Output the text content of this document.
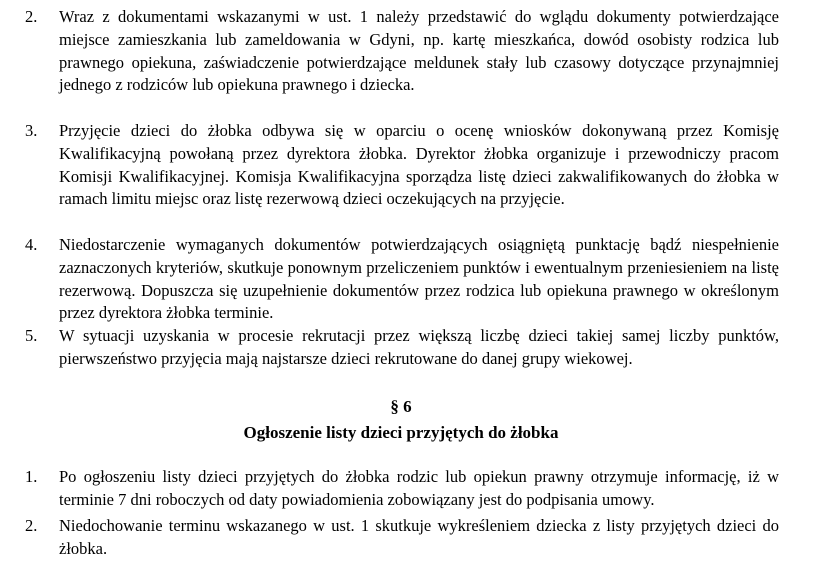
2. Wraz z dokumentami wskazanymi w ust. 1 należy przedstawić do wglądu dokumenty potwierdzające miejsce zamieszkania lub zameldowania w Gdyni, np. kartę mieszkańca, dowód osobisty rodzica lub prawnego opiekuna, zaświadczenie potwierdzające meldunek stały lub czasowy dotyczące przynajmniej jednego z rodziców lub opiekuna prawnego i dziecka.
3. Przyjęcie dzieci do żłobka odbywa się w oparciu o ocenę wniosków dokonywaną przez Komisję Kwalifikacyjną powołaną przez dyrektora żłobka. Dyrektor żłobka organizuje i przewodniczy pracom Komisji Kwalifikacyjnej. Komisja Kwalifikacyjna sporządza listę dzieci zakwalifikowanych do żłobka w ramach limitu miejsc oraz listę rezerwową dzieci oczekujących na przyjęcie.
4. Niedostarczenie wymaganych dokumentów potwierdzających osiągniętą punktację bądź niespełnienie zaznaczonych kryteriów, skutkuje ponownym przeliczeniem punktów i ewentualnym przeniesieniem na listę rezerwową. Dopuszcza się uzupełnienie dokumentów przez rodzica lub opiekuna prawnego w określonym przez dyrektora żłobka terminie.
5. W sytuacji uzyskania w procesie rekrutacji przez większą liczbę dzieci takiej samej liczby punktów, pierwszeństwo przyjęcia mają najstarsze dzieci rekrutowane do danej grupy wiekowej.
§ 6
Ogłoszenie listy dzieci przyjętych do żłobka
1. Po ogłoszeniu listy dzieci przyjętych do żłobka rodzic lub opiekun prawny otrzymuje informację, iż w terminie 7 dni roboczych od daty powiadomienia zobowiązany jest do podpisania umowy.
2. Niedochowanie terminu wskazanego w ust. 1 skutkuje wykreśleniem dziecka z listy przyjętych dzieci do żłobka.
